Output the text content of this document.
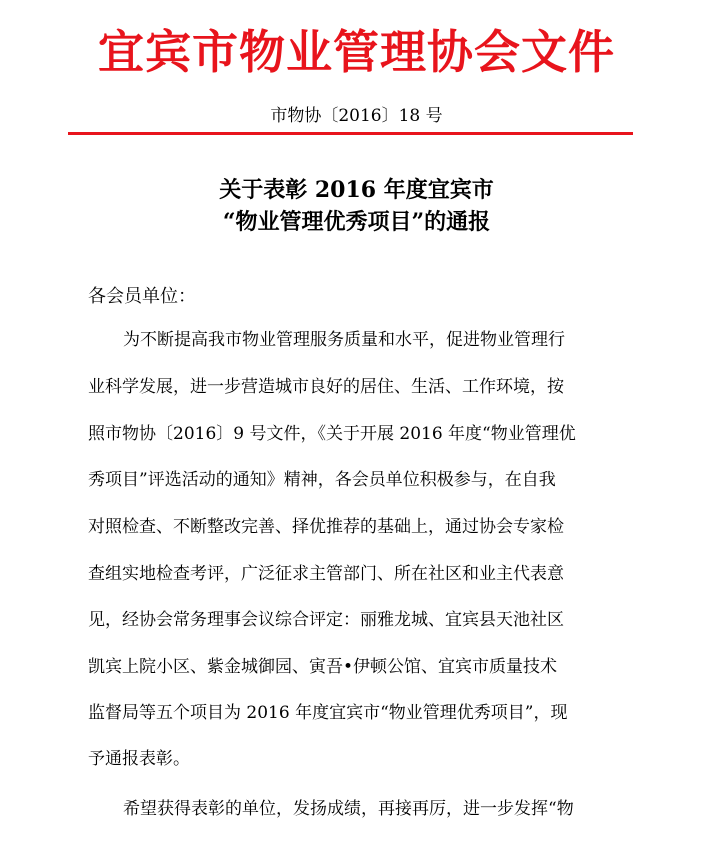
宜宾市物业管理协会文件
市物协〔2016〕18 号
关于表彰 2016 年度宜宾市
“物业管理优秀项目”的通报
各会员单位：
为不断提高我市物业管理服务质量和水平，促进物业管理行
业科学发展，进一步营造城市良好的居住、生活、工作环境，按
照市物协〔2016〕9 号文件，《关于开展 2016 年度“物业管理优
秀项目”评选活动的通知》精神，各会员单位积极参与，在自我
对照检查、不断整改完善、择优推荐的基础上，通过协会专家检
查组实地检查考评，广泛征求主管部门、所在社区和业主代表意
见，经协会常务理事会议综合评定：丽雅龙城、宜宾县天池社区
凯宾上院小区、紫金城御园、寅吾•伊顿公馆、宜宾市质量技术
监督局等五个项目为 2016 年度宜宾市“物业管理优秀项目”，现
予通报表彰。
希望获得表彰的单位，发扬成绩，再接再厉，进一步发挥“物
